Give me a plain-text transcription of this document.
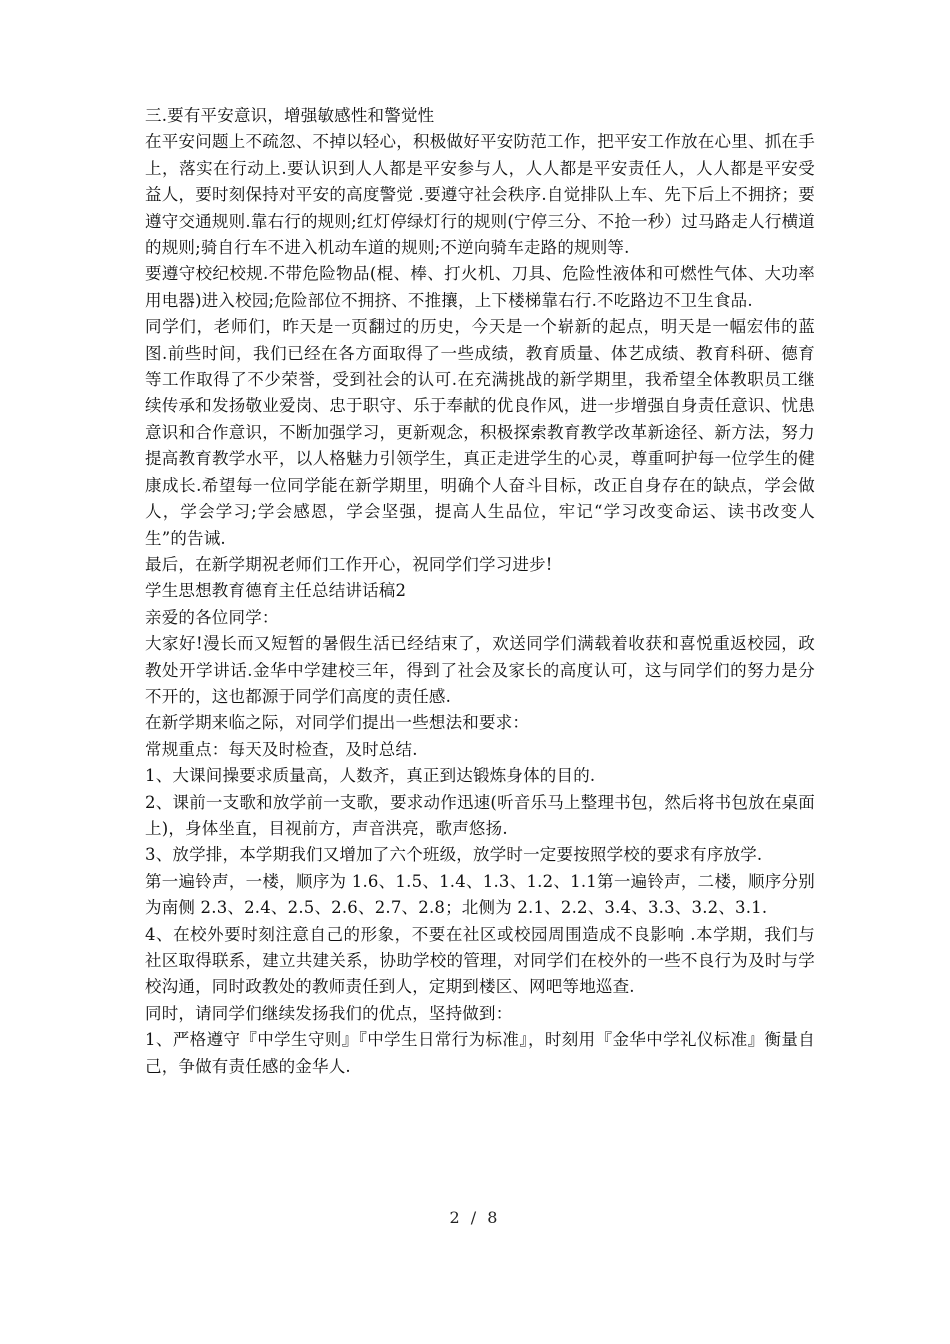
三.要有平安意识，增强敏感性和警觉性

在平安问题上不疏忽、不掉以轻心，积极做好平安防范工作，把平安工作放在心里、抓在手上，落实在行动上.要认识到人人都是平安参与人，人人都是平安责任人，人人都是平安受益人，要时刻保持对平安的高度警觉 .要遵守社会秩序.自觉排队上车、先下后上不拥挤；要遵守交通规则.靠右行的规则;红灯停绿灯行的规则(宁停三分、不抢一秒）过马路走人行横道的规则;骑自行车不进入机动车道的规则;不逆向骑车走路的规则等.

要遵守校纪校规.不带危险物品(棍、棒、打火机、刀具、危险性液体和可燃性气体、大功率用电器)进入校园;危险部位不拥挤、不推攘，上下楼梯靠右行.不吃路边不卫生食品.

同学们，老师们，昨天是一页翻过的历史，今天是一个崭新的起点，明天是一幅宏伟的蓝图.前些时间，我们已经在各方面取得了一些成绩，教育质量、体艺成绩、教育科研、德育等工作取得了不少荣誉，受到社会的认可.在充满挑战的新学期里，我希望全体教职员工继续传承和发扬敬业爱岗、忠于职守、乐于奉献的优良作风，进一步增强自身责任意识、忧患意识和合作意识，不断加强学习，更新观念，积极探索教育教学改革新途径、新方法，努力提高教育教学水平，以人格魅力引领学生，真正走进学生的心灵，尊重呵护每一位学生的健康成长.希望每一位同学能在新学期里，明确个人奋斗目标，改正自身存在的缺点，学会做人，学会学习;学会感恩，学会坚强，提高人生品位，牢记“学习改变命运、读书改变人生”的告诫.

最后，在新学期祝老师们工作开心，祝同学们学习进步!

学生思想教育德育主任总结讲话稿2

亲爱的各位同学：

大家好!漫长而又短暂的暑假生活已经结束了，欢送同学们满载着收获和喜悦重返校园，政教处开学讲话.金华中学建校三年，得到了社会及家长的高度认可，这与同学们的努力是分不开的，这也都源于同学们高度的责任感.

在新学期来临之际，对同学们提出一些想法和要求：

常规重点：每天及时检查，及时总结.

1、大课间操要求质量高，人数齐，真正到达锻炼身体的目的.

2、课前一支歌和放学前一支歌，要求动作迅速(听音乐马上整理书包，然后将书包放在桌面上)，身体坐直，目视前方，声音洪亮，歌声悠扬.

3、放学排，本学期我们又增加了六个班级，放学时一定要按照学校的要求有序放学.

第一遍铃声，一楼，顺序为 1.6、1.5、1.4、1.3、1.2、1.1第一遍铃声，二楼，顺序分别为南侧 2.3、2.4、2.5、2.6、2.7、2.8；北侧为 2.1、2.2、3.4、3.3、3.2、3.1.

4、在校外要时刻注意自己的形象，不要在社区或校园周围造成不良影响 .本学期，我们与社区取得联系，建立共建关系，协助学校的管理，对同学们在校外的一些不良行为及时与学校沟通，同时政教处的教师责任到人，定期到楼区、网吧等地巡查.

同时，请同学们继续发扬我们的优点，坚持做到：

1、严格遵守『中学生守则』『中学生日常行为标准』，时刻用『金华中学礼仪标准』衡量自己，争做有责任感的金华人.

2 / 8
